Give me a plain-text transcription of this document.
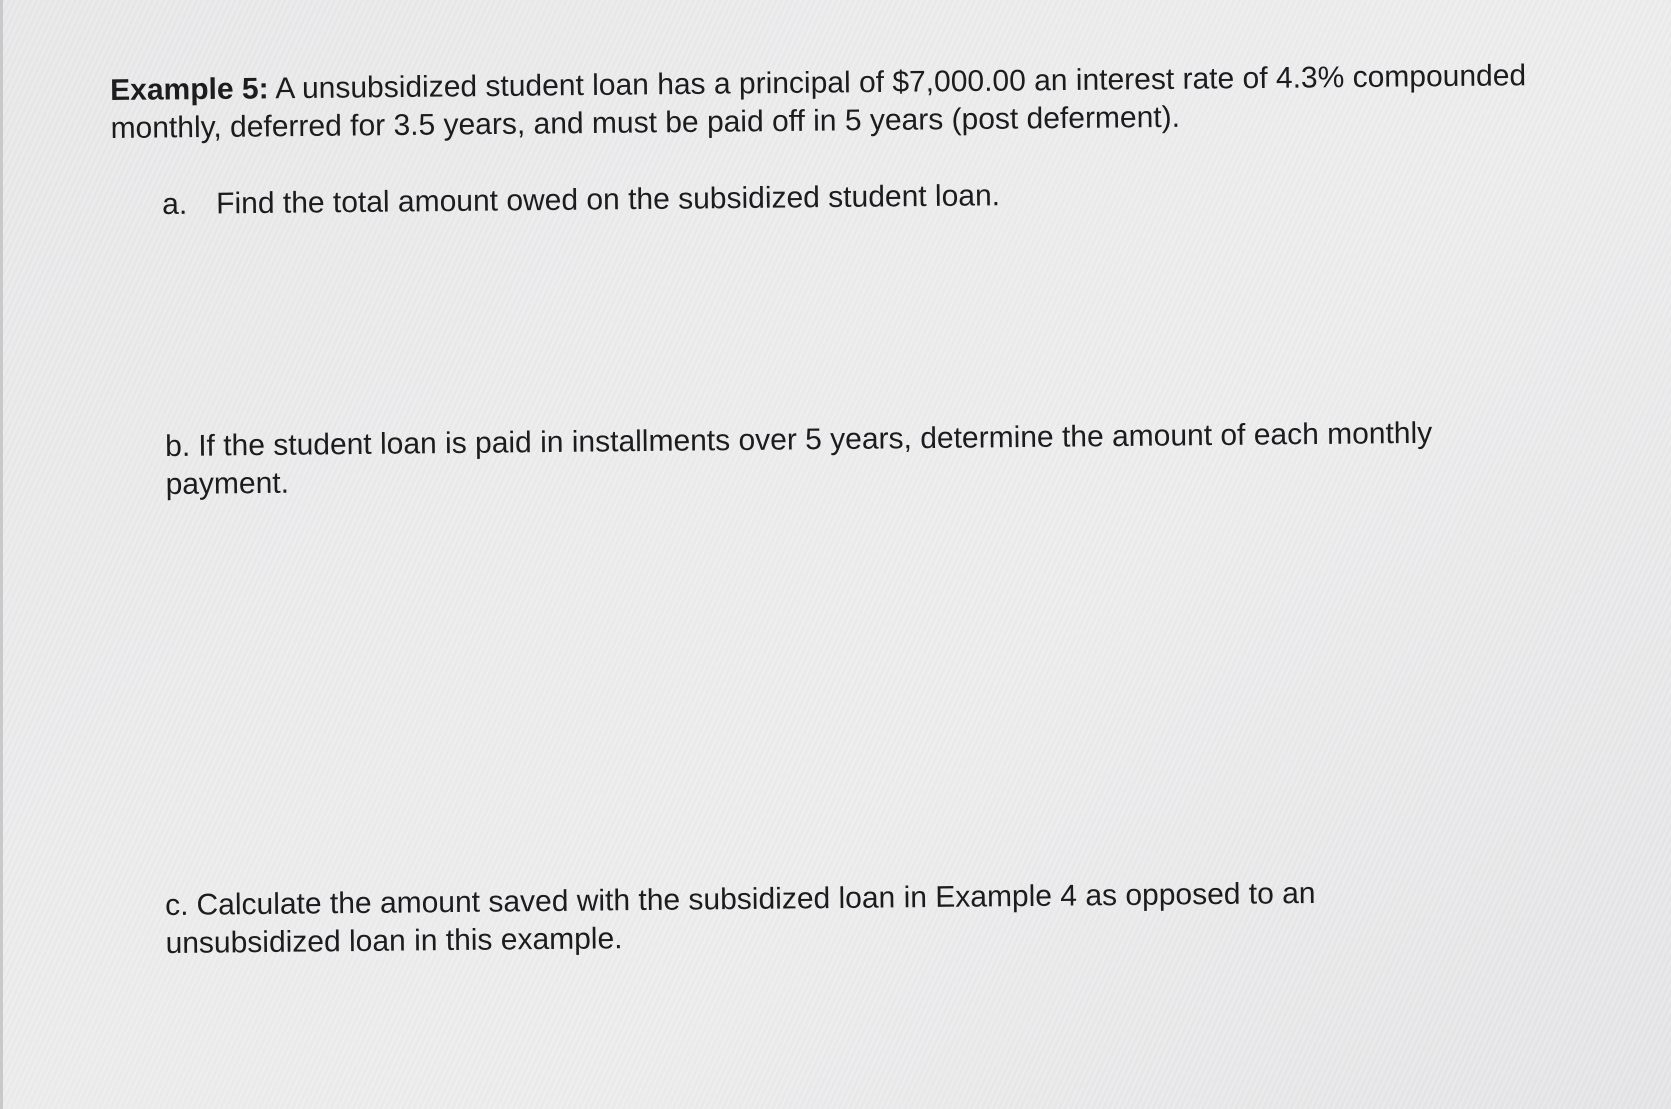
Example 5: A unsubsidized student loan has a principal of $7,000.00 an interest rate of 4.3% compounded monthly, deferred for 3.5 years, and must be paid off in 5 years (post deferment).
a. Find the total amount owed on the subsidized student loan.
b. If the student loan is paid in installments over 5 years, determine the amount of each monthly payment.
c. Calculate the amount saved with the subsidized loan in Example 4 as opposed to an unsubsidized loan in this example.
